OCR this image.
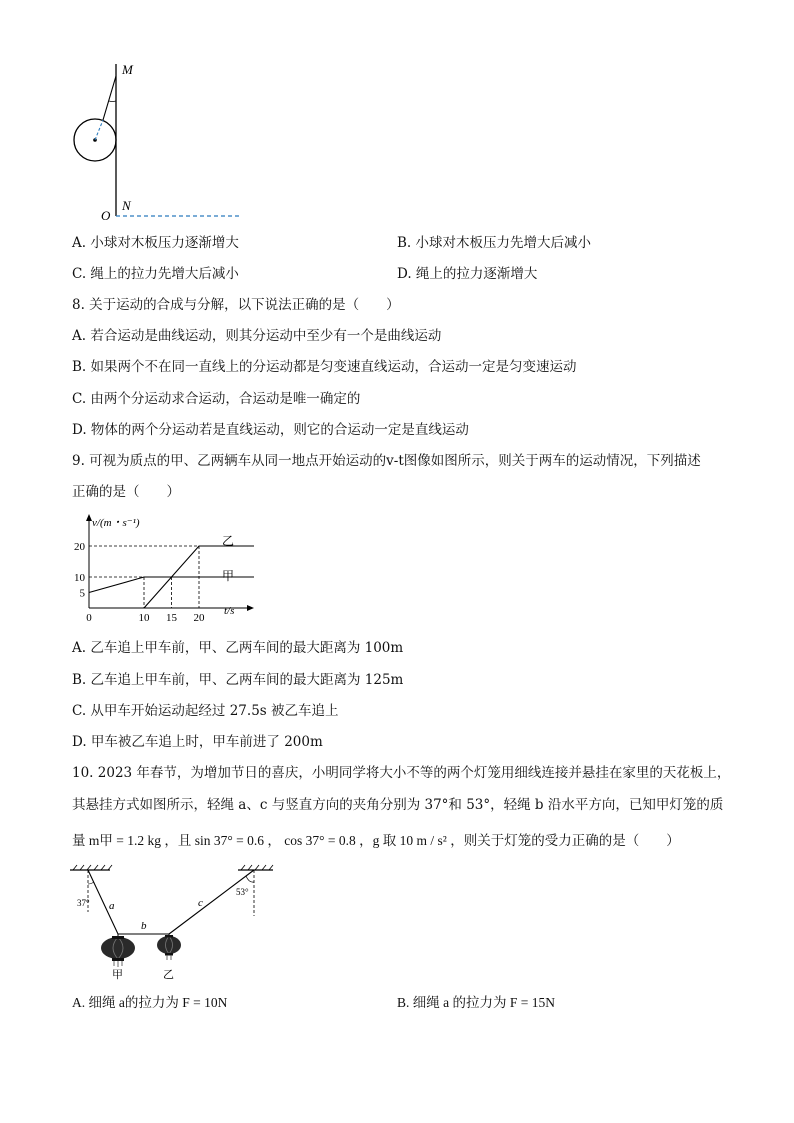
M
N
O
A. 小球对木板压力逐渐增大	B. 小球对木板压力先增大后减小
C. 绳上的拉力先增大后减小	D. 绳上的拉力逐渐增大
8. 关于运动的合成与分解，以下说法正确的是（　　）
A. 若合运动是曲线运动，则其分运动中至少有一个是曲线运动
B. 如果两个不在同一直线上的分运动都是匀变速直线运动，合运动一定是匀变速运动
C. 由两个分运动求合运动，合运动是唯一确定的
D. 物体的两个分运动若是直线运动，则它的合运动一定是直线运动
9. 可视为质点的甲、乙两辆车从同一地点开始运动的v-t图像如图所示，则关于两车的运动情况，下列描述
正确的是（　　）
5
10
20
0	10 15 20
v/(m・s⁻¹)
t/s
乙
甲
A. 乙车追上甲车前，甲、乙两车间的最大距离为 100m
B. 乙车追上甲车前，甲、乙两车间的最大距离为 125m
C. 从甲车开始运动起经过 27.5s 被乙车追上
D. 甲车被乙车追上时，甲车前进了 200m
10. 2023 年春节，为增加节日的喜庆，小明同学将大小不等的两个灯笼用细线连接并悬挂在家里的天花板上，
其悬挂方式如图所示，轻绳 a、c 与竖直方向的夹角分别为 37°和 53°，轻绳 b 沿水平方向，已知甲灯笼的质
量 m甲 = 1.2 kg ，且 sin 37° = 0.6 ， cos 37° = 0.8 ，g 取 10 m / s² ，则关于灯笼的受力正确的是（　　）
37°
53°
a
b
c
甲	乙
A. 细绳 a的拉力为 F = 10N	B. 细绳 a 的拉力为 F = 15N
